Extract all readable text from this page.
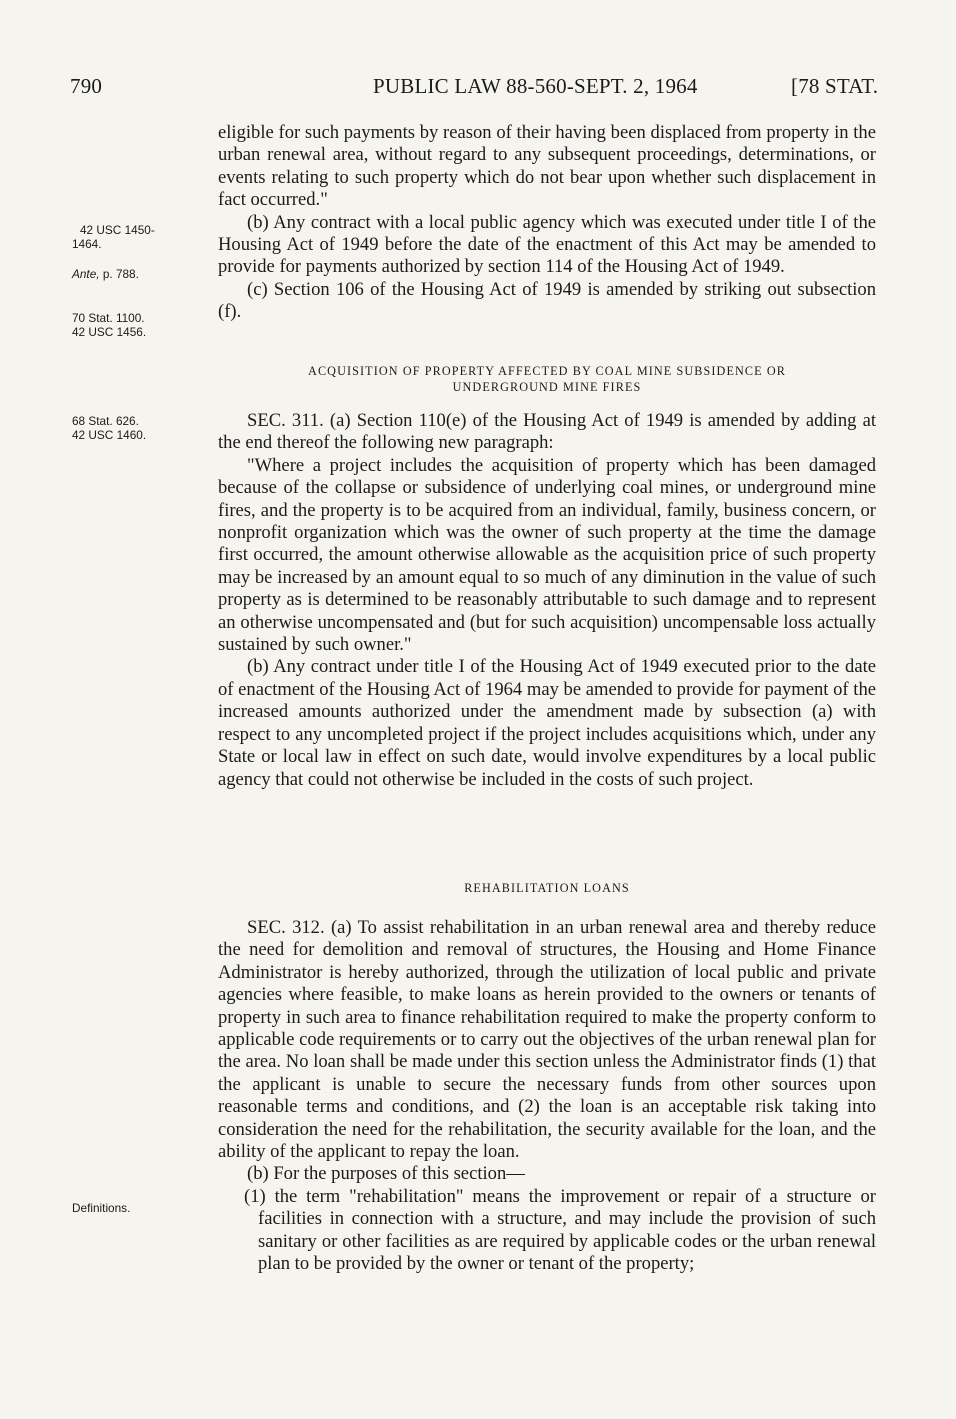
790	PUBLIC LAW 88-560-SEPT. 2, 1964	[78 STAT.
42 USC 1450-
1464.
Ante, p. 788.
70 Stat. 1100.
42 USC 1456.
68 Stat. 626.
42 USC 1460.
Definitions.

eligible for such payments by reason of their having been displaced from property in the urban renewal area, without regard to any subsequent proceedings, determinations, or events relating to such property which do not bear upon whether such displacement in fact occurred."

(b) Any contract with a local public agency which was executed under title I of the Housing Act of 1949 before the date of the enactment of this Act may be amended to provide for payments authorized by section 114 of the Housing Act of 1949.

(c) Section 106 of the Housing Act of 1949 is amended by striking out subsection (f).

ACQUISITION OF PROPERTY AFFECTED BY COAL MINE SUBSIDENCE OR
UNDERGROUND MINE FIRES

SEC. 311. (a) Section 110(e) of the Housing Act of 1949 is amended by adding at the end thereof the following new paragraph:

"Where a project includes the acquisition of property which has been damaged because of the collapse or subsidence of underlying coal mines, or underground mine fires, and the property is to be acquired from an individual, family, business concern, or nonprofit organization which was the owner of such property at the time the damage first occurred, the amount otherwise allowable as the acquisition price of such property may be increased by an amount equal to so much of any diminution in the value of such property as is determined to be reasonably attributable to such damage and to represent an otherwise uncompensated and (but for such acquisition) uncompensable loss actually sustained by such owner."

(b) Any contract under title I of the Housing Act of 1949 executed prior to the date of enactment of the Housing Act of 1964 may be amended to provide for payment of the increased amounts authorized under the amendment made by subsection (a) with respect to any uncompleted project if the project includes acquisitions which, under any State or local law in effect on such date, would involve expenditures by a local public agency that could not otherwise be included in the costs of such project.

REHABILITATION LOANS

SEC. 312. (a) To assist rehabilitation in an urban renewal area and thereby reduce the need for demolition and removal of structures, the Housing and Home Finance Administrator is hereby authorized, through the utilization of local public and private agencies where feasible, to make loans as herein provided to the owners or tenants of property in such area to finance rehabilitation required to make the property conform to applicable code requirements or to carry out the objectives of the urban renewal plan for the area. No loan shall be made under this section unless the Administrator finds (1) that the applicant is unable to secure the necessary funds from other sources upon reasonable terms and conditions, and (2) the loan is an acceptable risk taking into consideration the need for the rehabilitation, the security available for the loan, and the ability of the applicant to repay the loan.

(b) For the purposes of this section—

(1) the term "rehabilitation" means the improvement or repair of a structure or facilities in connection with a structure, and may include the provision of such sanitary or other facilities as are required by applicable codes or the urban renewal plan to be provided by the owner or tenant of the property;
